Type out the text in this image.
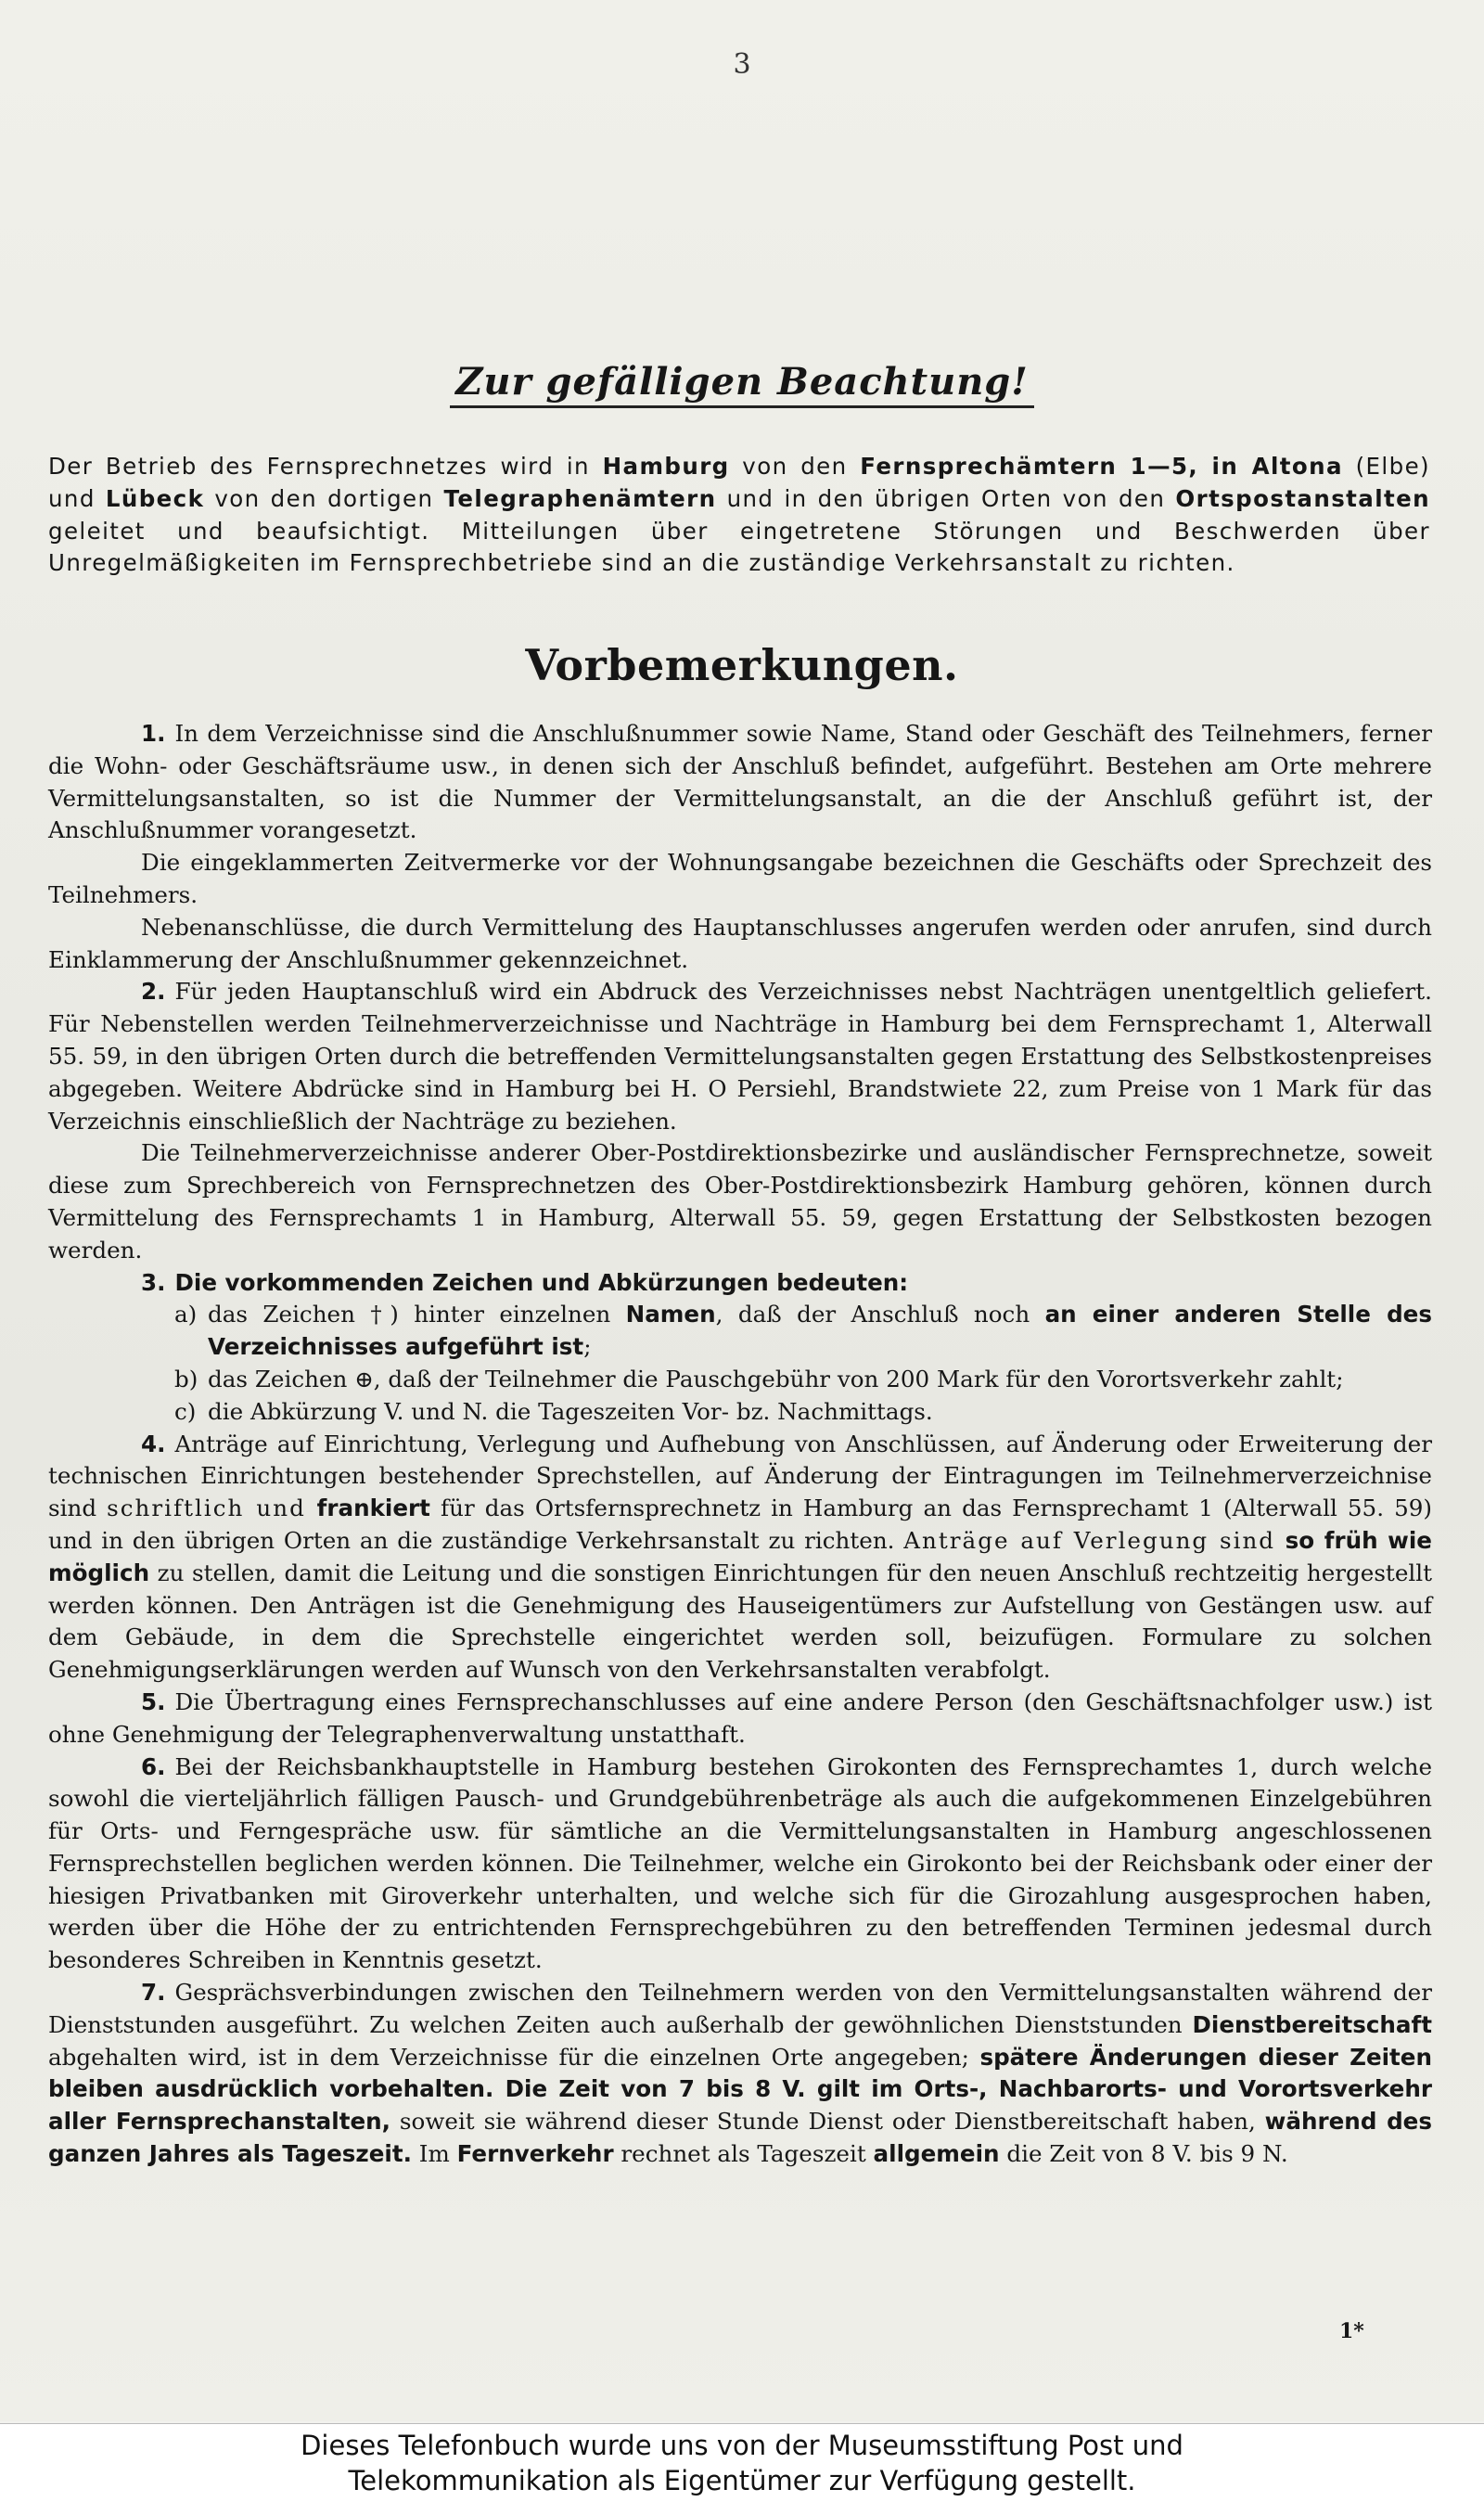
3
Zur gefälligen Beachtung!
Der Betrieb des Fernsprechnetzes wird in Hamburg von den Fernsprechämtern 1—5, in Altona (Elbe) und Lübeck von den dortigen Telegraphenämtern und in den übrigen Orten von den Ortspostanstalten geleitet und beaufsichtigt. Mitteilungen über eingetretene Störungen und Beschwerden über Unregelmäßigkeiten im Fernsprechbetriebe sind an die zuständige Verkehrsanstalt zu richten.
Vorbemerkungen.

1. In dem Verzeichnisse sind die Anschlußnummer sowie Name, Stand oder Geschäft des Teilnehmers, ferner die Wohn- oder Geschäftsräume usw., in denen sich der Anschluß befindet, aufgeführt. Bestehen am Orte mehrere Vermittelungsanstalten, so ist die Nummer der Vermittelungsanstalt, an die der Anschluß geführt ist, der Anschlußnummer vorangesetzt.

Die eingeklammerten Zeitvermerke vor der Wohnungsangabe bezeichnen die Geschäfts oder Sprechzeit des Teilnehmers.

Nebenanschlüsse, die durch Vermittelung des Hauptanschlusses angerufen werden oder anrufen, sind durch Einklammerung der Anschlußnummer gekennzeichnet.

2. Für jeden Hauptanschluß wird ein Abdruck des Verzeichnisses nebst Nachträgen unentgeltlich geliefert. Für Nebenstellen werden Teilnehmerverzeichnisse und Nachträge in Hamburg bei dem Fernsprechamt 1, Alterwall 55. 59, in den übrigen Orten durch die betreffenden Vermittelungsanstalten gegen Erstattung des Selbstkostenpreises abgegeben. Weitere Abdrücke sind in Hamburg bei H. O Persiehl, Brandstwiete 22, zum Preise von 1 Mark für das Verzeichnis einschließlich der Nachträge zu beziehen.

Die Teilnehmerverzeichnisse anderer Ober-Postdirektionsbezirke und ausländischer Fernsprechnetze, soweit diese zum Sprechbereich von Fernsprechnetzen des Ober-Postdirektionsbezirk Hamburg gehören, können durch Vermittelung des Fernsprechamts 1 in Hamburg, Alterwall 55. 59, gegen Erstattung der Selbstkosten bezogen werden.

3. Die vorkommenden Zeichen und Abkürzungen bedeuten:

a) das Zeichen †) hinter einzelnen Namen, daß der Anschluß noch an einer anderen Stelle des Verzeichnisses aufgeführt ist;
b) das Zeichen ⊕, daß der Teilnehmer die Pauschgebühr von 200 Mark für den Vorortsverkehr zahlt;
c) die Abkürzung V. und N. die Tageszeiten Vor- bz. Nachmittags.

4. Anträge auf Einrichtung, Verlegung und Aufhebung von Anschlüssen, auf Änderung oder Erweiterung der technischen Einrichtungen bestehender Sprechstellen, auf Änderung der Eintragungen im Teilnehmerverzeichnise sind schriftlich und frankiert für das Ortsfernsprechnetz in Hamburg an das Fernsprechamt 1 (Alterwall 55. 59) und in den übrigen Orten an die zuständige Verkehrsanstalt zu richten. Anträge auf Verlegung sind so früh wie möglich zu stellen, damit die Leitung und die sonstigen Einrichtungen für den neuen Anschluß rechtzeitig hergestellt werden können. Den Anträgen ist die Genehmigung des Hauseigentümers zur Aufstellung von Gestängen usw. auf dem Gebäude, in dem die Sprechstelle eingerichtet werden soll, beizufügen. Formulare zu solchen Genehmigungserklärungen werden auf Wunsch von den Verkehrsanstalten verabfolgt.

5. Die Übertragung eines Fernsprechanschlusses auf eine andere Person (den Geschäftsnachfolger usw.) ist ohne Genehmigung der Telegraphenverwaltung unstatthaft.

6. Bei der Reichsbankhauptstelle in Hamburg bestehen Girokonten des Fernsprechamtes 1, durch welche sowohl die vierteljährlich fälligen Pausch- und Grundgebührenbeträge als auch die aufgekommenen Einzelgebühren für Orts- und Ferngespräche usw. für sämtliche an die Vermittelungsanstalten in Hamburg angeschlossenen Fernsprechstellen beglichen werden können. Die Teilnehmer, welche ein Girokonto bei der Reichsbank oder einer der hiesigen Privatbanken mit Giroverkehr unterhalten, und welche sich für die Girozahlung ausgesprochen haben, werden über die Höhe der zu entrichtenden Fernsprechgebühren zu den betreffenden Terminen jedesmal durch besonderes Schreiben in Kenntnis gesetzt.

7. Gesprächsverbindungen zwischen den Teilnehmern werden von den Vermittelungsanstalten während der Dienststunden ausgeführt. Zu welchen Zeiten auch außerhalb der gewöhnlichen Dienststunden Dienstbereitschaft abgehalten wird, ist in dem Verzeichnisse für die einzelnen Orte angegeben; spätere Änderungen dieser Zeiten bleiben ausdrücklich vorbehalten. Die Zeit von 7 bis 8 V. gilt im Orts-, Nachbarorts- und Vorortsverkehr aller Fernsprechanstalten, soweit sie während dieser Stunde Dienst oder Dienstbereitschaft haben, während des ganzen Jahres als Tageszeit. Im Fernverkehr rechnet als Tageszeit allgemein die Zeit von 8 V. bis 9 N.

1*
Dieses Telefonbuch wurde uns von der Museumsstiftung Post und
Telekommunikation als Eigentümer zur Verfügung gestellt.
